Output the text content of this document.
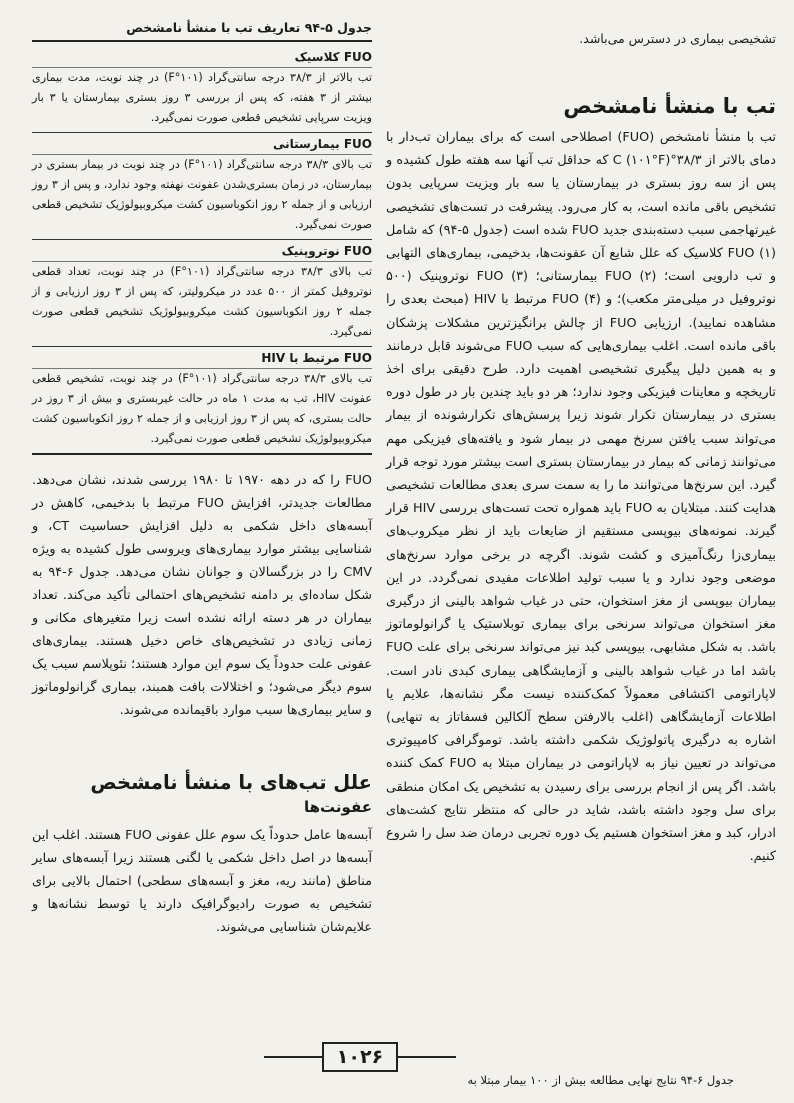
تشخیصی بیماری در دسترس می‌باشد.

تب با منشأ نامشخص

تب با منشأ نامشخص (FUO) اصطلاحی است که برای بیماران تب‌دار با دمای بالاتر از ۳۸/۳°C (۱۰۱°F) که حداقل تب آنها سه هفته طول کشیده و پس از سه روز بستری در بیمارستان یا سه بار ویزیت سرپایی بدون تشخیص باقی مانده است، به کار می‌رود. پیشرفت در تست‌های تشخیصی غیرتهاجمی سبب دسته‌بندی جدید FUO شده است (جدول ۵-۹۴) که شامل (۱) FUO کلاسیک که علل شایع آن عفونت‌ها، بدخیمی، بیماری‌های التهابی و تب دارویی است؛ (۲) FUO بیمارستانی؛ (۳) FUO نوتروپنیک (۵۰۰ نوتروفیل در میلی‌متر مکعب)؛ و (۴) FUO مرتبط با HIV (مبحث بعدی را مشاهده نمایید). ارزیابی FUO از چالش برانگیزترین مشکلات پزشکان باقی مانده است. اغلب بیماری‌هایی که سبب FUO می‌شوند قابل درمانند و به همین دلیل پیگیری تشخیصی اهمیت دارد. طرح دقیقی برای اخذ تاریخچه و معاینات فیزیکی وجود ندارد؛ هر دو باید چندین بار در طول دوره بستری در بیمارستان تکرار شوند زیرا پرسش‌های تکرارشونده از بیمار می‌تواند سبب یافتن سرنخ مهمی در بیمار شود و یافته‌های فیزیکی مهم می‌توانند زمانی که بیمار در بیمارستان بستری است بیشتر مورد توجه قرار گیرد. این سرنخ‌ها می‌توانند ما را به سمت سری بعدی مطالعات تشخیصی هدایت کنند. مبتلایان به FUO باید همواره تحت تست‌های بررسی HIV قرار گیرند. نمونه‌های بیوپسی مستقیم از ضایعات باید از نظر میکروب‌های بیماری‌زا رنگ‌آمیزی و کشت شوند. اگرچه در برخی موارد سرنخ‌های موضعی وجود ندارد و یا سبب تولید اطلاعات مفیدی نمی‌گردد. در این بیماران بیوپسی از مغز استخوان، حتی در غیاب شواهد بالینی از درگیری مغز استخوان می‌تواند سرنخی برای بیماری توبلاستیک یا گرانولوماتوز باشد. به شکل مشابهی، بیوپسی کبد نیز می‌تواند سرنخی برای علت FUO باشد اما در غیاب شواهد بالینی و آزمایشگاهی بیماری کبدی نادر است. لاپاراتومی اکتشافی معمولاً کمک‌کننده نیست مگر نشانه‌ها، علایم یا اطلاعات آزمایشگاهی (اغلب بالارفتن سطح آلکالین فسفاتاز به تنهایی) اشاره به درگیری پاتولوژیک شکمی داشته باشد. توموگرافی کامپیوتری می‌تواند در تعیین نیاز به لاپاراتومی در بیماران مبتلا به FUO کمک کننده باشد. اگر پس از انجام بررسی برای رسیدن به تشخیص یک امکان منطقی برای سل وجود داشته باشد، شاید در حالی که منتظر نتایج کشت‌های ادرار، کبد و مغز استخوان هستیم یک دوره تجربی درمان ضد سل را شروع کنیم.

جدول ۵-۹۴ تعاریف تب با منشأ نامشخص
FUO کلاسیک

تب بالاتر از ۳۸/۳ درجه سانتی‌گراد (۱۰۱°F) در چند نوبت، مدت بیماری بیشتر از ۳ هفته، که پس از بررسی ۳ روز بستری بیمارستان یا ۳ بار ویزیت سرپایی تشخیص قطعی صورت نمی‌گیرد.

FUO بیمارستانی

تب بالای ۳۸/۳ درجه سانتی‌گراد (۱۰۱°F) در چند نوبت در بیمار بستری در بیمارستان، در زمان بستری‌شدن عفونت نهفته وجود ندارد، و پس از ۳ روز ارزیابی و از جمله ۲ روز انکوباسیون کشت میکروبیولوژیک تشخیص قطعی صورت نمی‌گیرد.

FUO نوتروپنیک

تب بالای ۳۸/۳ درجه سانتی‌گراد (۱۰۱°F) در چند نوبت، تعداد قطعی نوتروفیل کمتر از ۵۰۰ عدد در میکرولیتر، که پس از ۳ روز ارزیابی و از جمله ۲ روز انکوباسیون کشت میکروبیولوژیک تشخیص قطعی صورت نمی‌گیرد.

FUO مرتبط با HIV

تب بالای ۳۸/۳ درجه سانتی‌گراد (۱۰۱°F) در چند نوبت، تشخیص قطعی عفونت HIV، تب به مدت ۱ ماه در حالت غیربستری و بیش از ۳ روز در حالت بستری، که پس از ۳ روز ارزیابی و از جمله ۲ روز انکوباسیون کشت میکروبیولوژیک تشخیص قطعی صورت نمی‌گیرد.

FUO را که در دهه ۱۹۷۰ تا ۱۹۸۰ بررسی شدند، نشان می‌دهد. مطالعات جدیدتر، افزایش FUO مرتبط با بدخیمی، کاهش در آبسه‌های داخل شکمی به دلیل افزایش حساسیت CT، و شناسایی بیشتر موارد بیماری‌های ویروسی طول کشیده به ویژه CMV را در بزرگسالان و جوانان نشان می‌دهد. جدول ۶-۹۴ به شکل ساده‌ای بر دامنه تشخیص‌های احتمالی تأکید می‌کند. تعداد بیماران در هر دسته ارائه نشده است زیرا متغیرهای مکانی و زمانی زیادی در تشخیص‌های خاص دخیل هستند. بیماری‌های عفونی علت حدوداً یک سوم این موارد هستند؛ نئوپلاسم سبب یک سوم دیگر می‌شود؛ و اختلالات بافت همبند، بیماری گرانولوماتوز و سایر بیماری‌ها سبب موارد باقیمانده می‌شوند.

علل تب‌های با منشأ نامشخص
عفونت‌ها

آبسه‌ها عامل حدوداً یک سوم علل عفونی FUO هستند. اغلب این آبسه‌ها در اصل داخل شکمی یا لگنی هستند زیرا آبسه‌های سایر مناطق (مانند ریه، مغز و آبسه‌های سطحی) احتمال بالایی برای تشخیص به صورت رادیوگرافیک دارند یا توسط نشانه‌ها و علایم‌شان شناسایی می‌شوند.

جدول ۶-۹۴ نتایج نهایی مطالعه بیش از ۱۰۰ بیمار مبتلا به
۱۰۲۶
